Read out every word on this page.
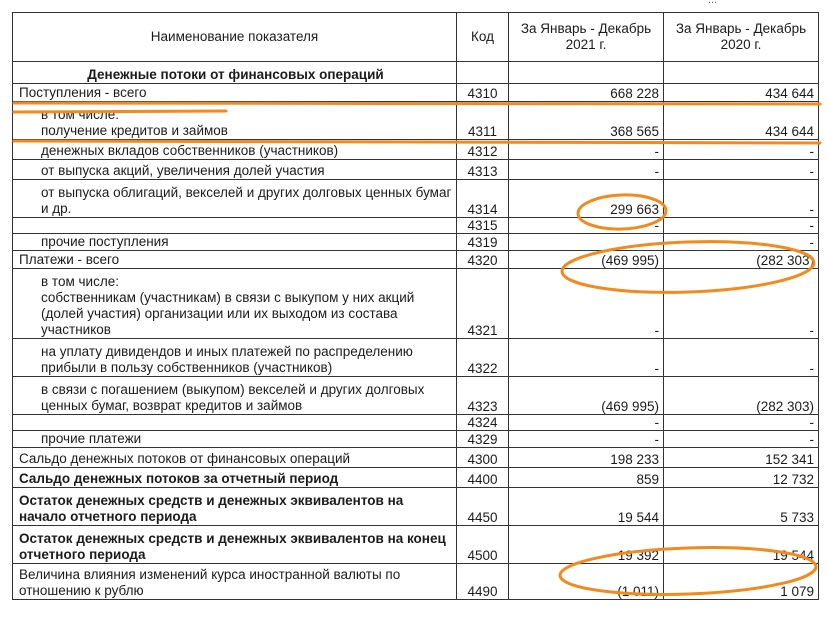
...
Наименование показателя	Код	За Январь - Декабрь 2021 г.	За Январь - Декабрь 2020 г.
Денежные потоки от финансовых операций			
Поступления - всего	4310	668 228	434 644
в том числе:
получение кредитов и займов	4311	368 565	434 644
денежных вкладов собственников (участников)	4312	-	-
от выпуска акций, увеличения долей участия	4313	-	-
от выпуска облигаций, векселей и других долговых ценных бумаг и др.	4314	299 663	-
	4315	-	-
прочие поступления	4319	-	-
Платежи - всего	4320	(469 995)	(282 303)
в том числе:
собственникам (участникам) в связи с выкупом у них акций (долей участия) организации или их выходом из состава участников	4321	-	-
на уплату дивидендов и иных платежей по распределению прибыли в пользу собственников (участников)	4322	-	-
в связи с погашением (выкупом) векселей и других долговых ценных бумаг, возврат кредитов и займов	4323	(469 995)	(282 303)
	4324	-	-
прочие платежи	4329	-	-
Сальдо денежных потоков от финансовых операций	4300	198 233	152 341
Сальдо денежных потоков за отчетный период	4400	859	12 732
Остаток денежных средств и денежных эквивалентов на начало отчетного периода	4450	19 544	5 733
Остаток денежных средств и денежных эквивалентов на конец отчетного периода	4500	19 392	19 544
Величина влияния изменений курса иностранной валюты по отношению к рублю	4490	(1 011)	1 079
